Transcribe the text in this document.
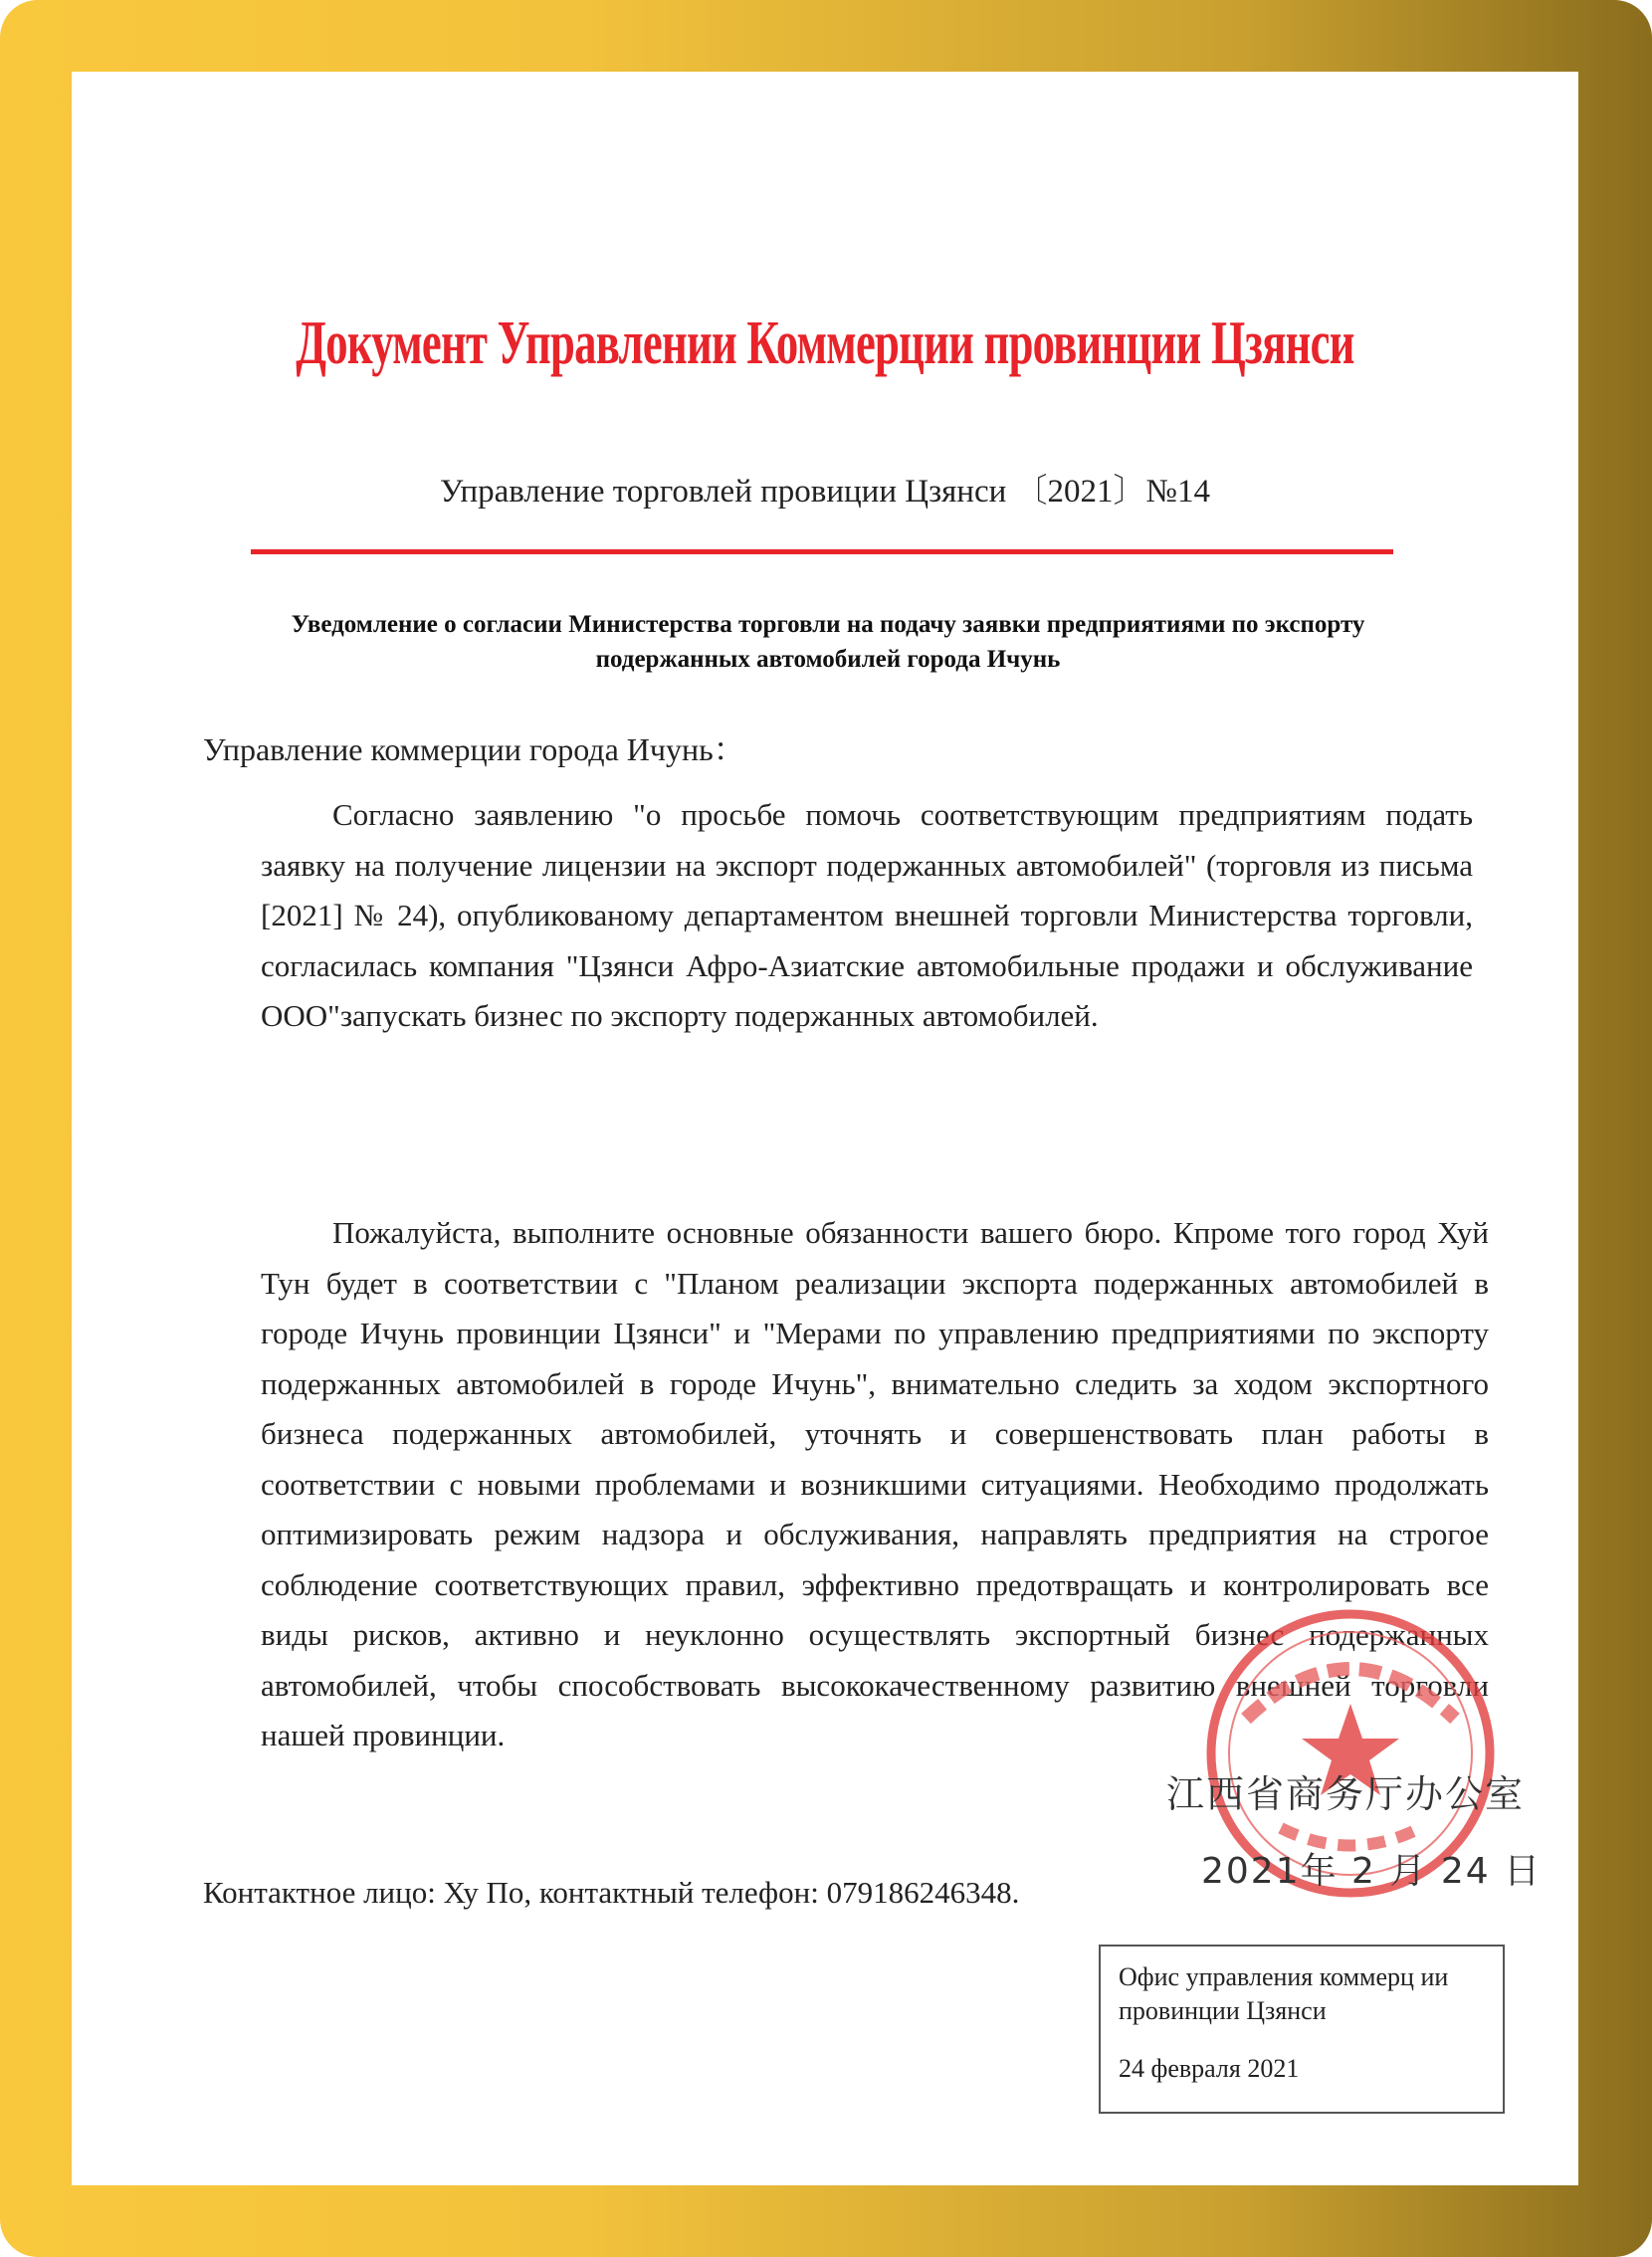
Документ Управлении Коммерции провинции Цзянси
Управление торговлей провиции Цзянси 〔2021〕№14
Уведомление о согласии Министерства торговли на подачу заявки предприятиями по экспорту подержанных автомобилей города Ичунь
Управление коммерции города Ичунь：

Согласно заявлению "о просьбе помочь соответствующим предприятиям подать заявку на получение лицензии на экспорт подержанных автомобилей" (торговля из письма [2021] № 24), опубликованому департаментом внешней торговли Министерства торговли, согласилась компания "Цзянси Афро-Азиатские автомобильные продажи и обслуживание ООО"запускать бизнес по экспорту подержанных автомобилей.

Пожалуйста, выполните основные обязанности вашего бюро. Кпроме того город Хуй Тун будет в соответствии с "Планом реализации экспорта подержанных автомобилей в городе Ичунь провинции Цзянси" и "Мерами по управлению предприятиями по экспорту подержанных автомобилей в городе Ичунь", внимательно следить за ходом экспортного бизнеса подержанных автомобилей, уточнять и совершенствовать план работы в соответствии с новыми проблемами и возникшими ситуациями. Необходимо продолжать оптимизировать режим надзора и обслуживания, направлять предприятия на строгое соблюдение соответствующих правил, эффективно предотвращать и контролировать все виды рисков, активно и неуклонно осуществлять экспортный бизнес подержанных автомобилей, чтобы способствовать высококачественному развитию внешней торговли нашей провинции.

Контактное лицо: Ху По, контактный телефон: 079186246348.
江西省商务厅办公室
2021年 2 月 24 日
Офис управления коммерц ии провинции Цзянси
24 февраля 2021
